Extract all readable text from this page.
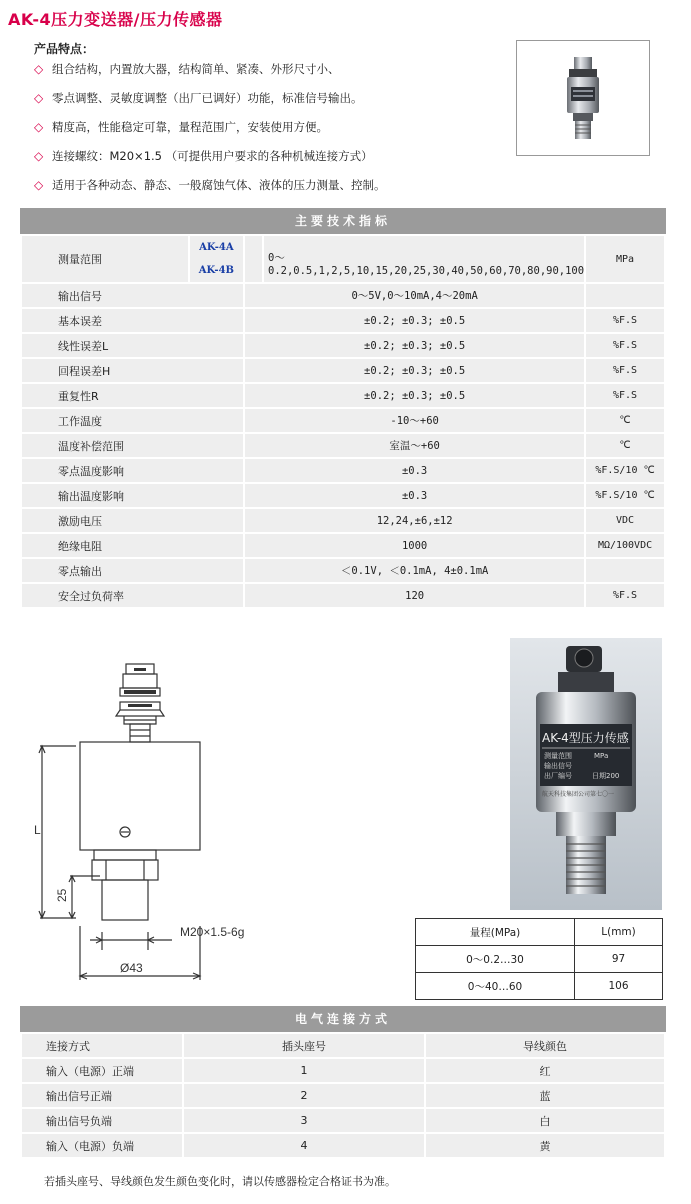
AK-4压力变送器/压力传感器
产品特点：
◇ 组合结构，内置放大器，结构简单、紧凑、外形尺寸小、
◇ 零点调整、灵敏度调整（出厂已调好）功能，标准信号输出。
◇ 精度高，性能稳定可靠，量程范围广，安装使用方便。
◇ 连接螺纹：M20×1.5 （可提供用户要求的各种机械连接方式）
◇ 适用于各种动态、静态、一般腐蚀气体、液体的压力测量、控制。
主要技术指标
测量范围	AK-4A		0～0.2,0.5,1,2,5,10,15,20,25,30,40,50,60,70,80,90,100	MPa
	AK-4B			
输出信号		0～5V,0～10mA,4～20mA		
基本误差		±0.2; ±0.3; ±0.5		%F.S
线性误差L		±0.2; ±0.3; ±0.5		%F.S
回程误差H		±0.2; ±0.3; ±0.5		%F.S
重复性R		±0.2; ±0.3; ±0.5		%F.S
工作温度		-10～+60		℃
温度补偿范围		室温～+60		℃
零点温度影响		±0.3		%F.S/10 ℃
输出温度影响		±0.3		%F.S/10 ℃
激励电压		12,24,±6,±12		VDC
绝缘电阻		1000		MΩ/100VDC
零点输出		＜0.1V, ＜0.1mA, 4±0.1mA		
安全过负荷率		120		%F.S
L
25
M20×1.5-6g
Ø43
AK-4型压力传感
测量范围	MPa
输出信号
出厂编号	日期200
航天科技集团公司第七〇一
量程(MPa)	L(mm)
0～0.2…30	97
0～40…60	106
电气连接方式
连接方式	插头座号	导线颜色
输入（电源）正端	1	红
输出信号正端	2	蓝
输出信号负端	3	白
输入（电源）负端	4	黄
若插头座号、导线颜色发生颜色变化时，请以传感器检定合格证书为准。
